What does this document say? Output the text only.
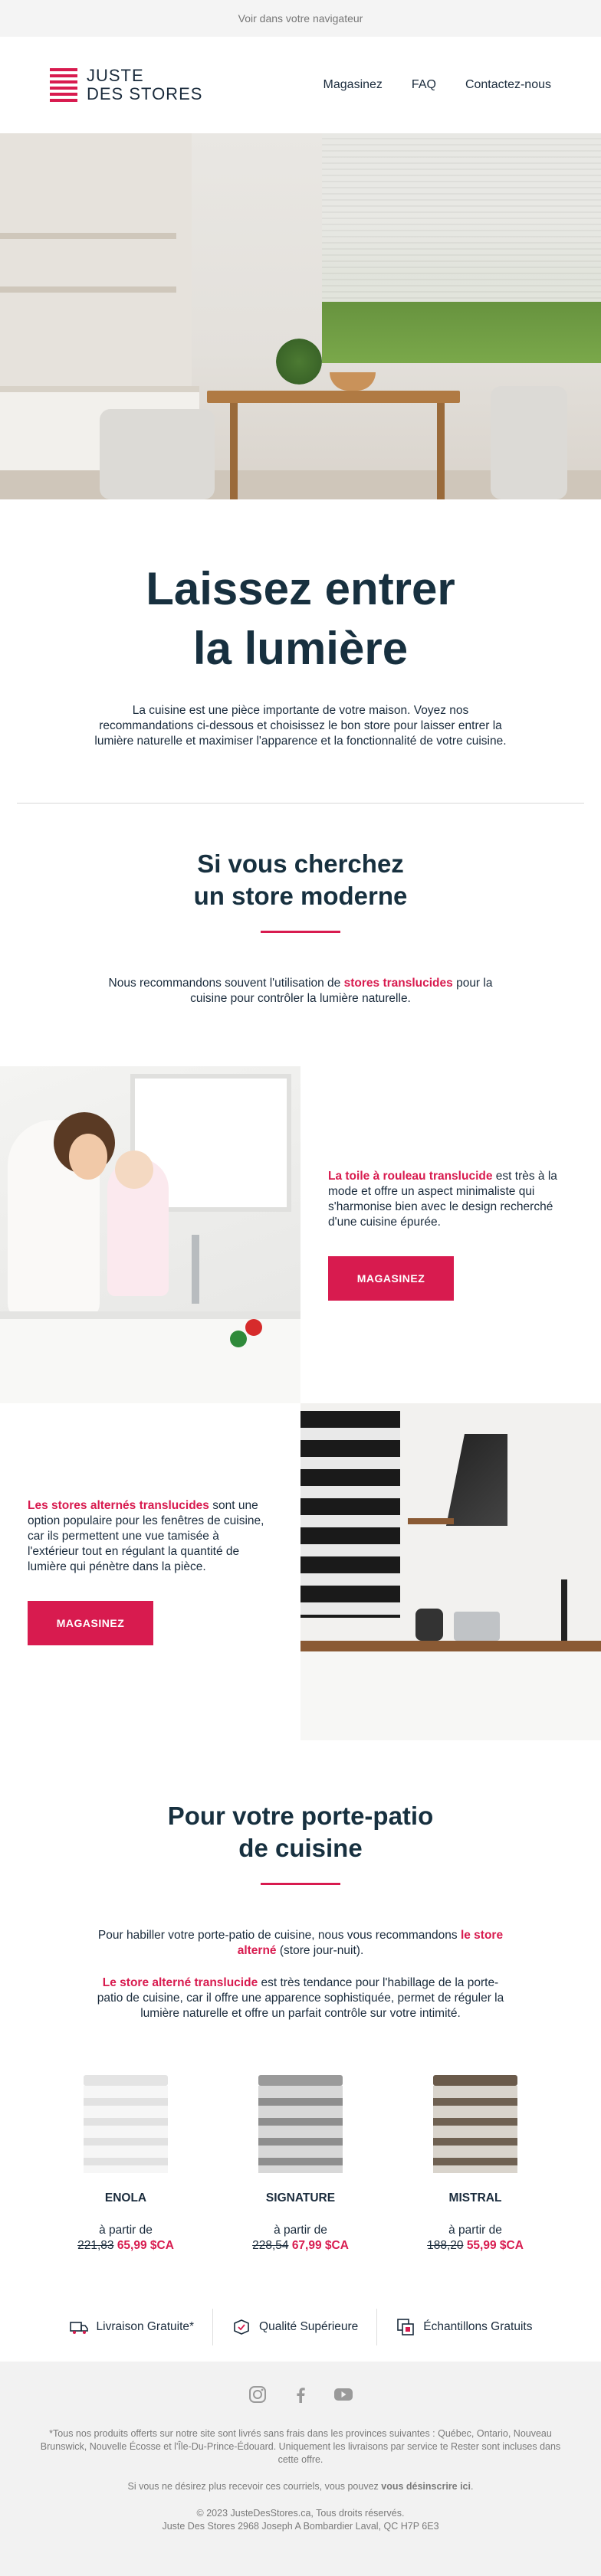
Voir dans votre navigateur
JUSTE
DES STORES	Magasinez FAQ Contactez-nous
Laissez entrer
la lumière

La cuisine est une pièce importante de votre maison. Voyez nos recommandations ci-dessous et choisissez le bon store pour laisser entrer la lumière naturelle et maximiser l'apparence et la fonctionnalité de votre cuisine.

Si vous cherchez
un store moderne

Nous recommandons souvent l'utilisation de stores translucides pour la cuisine pour contrôler la lumière naturelle.

La toile à rouleau translucide est très à la mode et offre un aspect minimaliste qui s'harmonise bien avec le design recherché d'une cuisine épurée.

MAGASINEZ

Les stores alternés translucides sont une option populaire pour les fenêtres de cuisine, car ils permettent une vue tamisée à l'extérieur tout en régulant la quantité de lumière qui pénètre dans la pièce.

MAGASINEZ
Pour votre porte-patio
de cuisine

Pour habiller votre porte-patio de cuisine, nous vous recommandons le store alterné (store jour-nuit).

Le store alterné translucide est très tendance pour l'habillage de la porte-patio de cuisine, car il offre une apparence sophistiquée, permet de réguler la lumière naturelle et offre un parfait contrôle sur votre intimité.

ENOLA
à partir de
221,83 65,99 $CA
SIGNATURE
à partir de
228,54 67,99 $CA
MISTRAL
à partir de
188,20 55,99 $CA
Livraison Gratuite*	Qualité Supérieure	Échantillons Gratuits

*Tous nos produits offerts sur notre site sont livrés sans frais dans les provinces suivantes : Québec, Ontario, Nouveau Brunswick, Nouvelle Écosse et l'Île-Du-Prince-Édouard. Uniquement les livraisons par service te Rester sont incluses dans cette offre.

Si vous ne désirez plus recevoir ces courriels, vous pouvez vous désinscrire ici.

© 2023 JusteDesStores.ca, Tous droits réservés.
Juste Des Stores 2968 Joseph A Bombardier Laval, QC H7P 6E3
